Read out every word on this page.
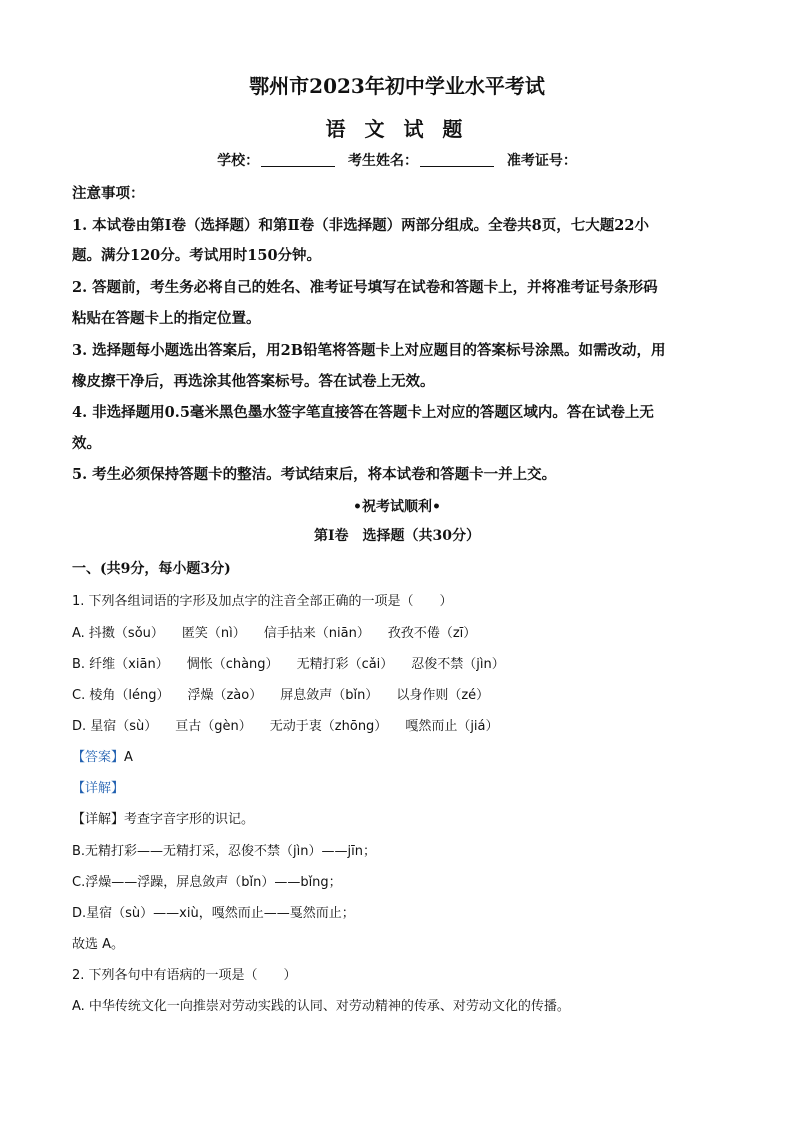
鄂州市2023年初中学业水平考试
语 文 试 题
学校：	考生姓名：	准考证号：
注意事项：
1. 本试卷由第Ⅰ卷（选择题）和第Ⅱ卷（非选择题）两部分组成。全卷共8页，七大题22小
题。满分120分。考试用时150分钟。
2. 答题前，考生务必将自己的姓名、准考证号填写在试卷和答题卡上，并将准考证号条形码
粘贴在答题卡上的指定位置。
3. 选择题每小题选出答案后，用2B铅笔将答题卡上对应题目的答案标号涂黑。如需改动，用
橡皮擦干净后，再选涂其他答案标号。答在试卷上无效。
4. 非选择题用0.5毫米黑色墨水签字笔直接答在答题卡上对应的答题区域内。答在试卷上无
效。
5. 考生必须保持答题卡的整洁。考试结束后，将本试卷和答题卡一并上交。
•祝考试顺利•
第Ⅰ卷　选择题（共30分）
一、(共9分，每小题3分)
1. 下列各组词语的字形及加点字的注音全部正确的一项是（　　）
A. 抖擞（sǒu） 匿笑（nì） 信手拈来（niān） 孜孜不倦（zī）
B. 纤维（xiān） 惆怅（chàng） 无精打彩（cǎi） 忍俊不禁（jìn）
C. 棱角（léng） 浮燥（zào） 屏息敛声（bǐn） 以身作则（zé）
D. 星宿（sù） 亘古（gèn） 无动于衷（zhōng） 嘎然而止（jiá）
【答案】A
【详解】
【详解】考查字音字形的识记。
B.无精打彩——无精打采，忍俊不禁（jìn）——jīn；
C.浮燥——浮躁，屏息敛声（bǐn）——bǐng；
D.星宿（sù）——xiù，嘎然而止——戛然而止；
故选 A。
2. 下列各句中有语病的一项是（　　）
A. 中华传统文化一向推崇对劳动实践的认同、对劳动精神的传承、对劳动文化的传播。
